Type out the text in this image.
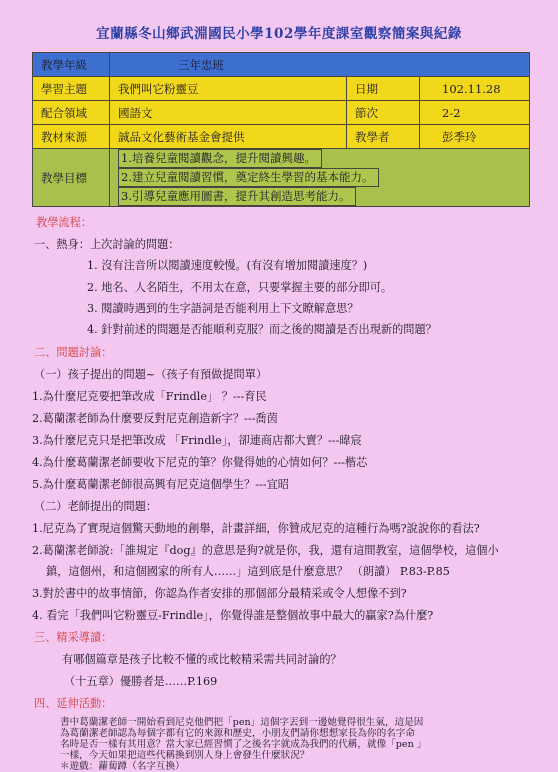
宜蘭縣冬山鄉武淵國民小學102學年度課室觀察簡案與紀錄
教學年級	三年忠班		
學習主題	我們叫它粉靈豆	日期	102.11.28
配合領域	國語文	節次	2-2
教材來源	誠品文化藝術基金會提供	教學者	彭季玲
教學目標	1.培養兒童閱讀觀念，提升閱讀興趣。
2.建立兒童閱讀習慣，奠定終生學習的基本能力。
3.引導兒童應用圖書，提升其創造思考能力。		
教學流程：
一、熱身：上次討論的問題：
1. 沒有注音所以閱讀速度較慢。(有沒有增加閱讀速度？)
2. 地名、人名陌生，不用太在意，只要掌握主要的部分即可。
3. 閱讀時遇到的生字語詞是否能利用上下文瞭解意思？
4. 針對前述的問題是否能順利克服？而之後的閱讀是否出現新的問題？
二、問題討論：
（一）孩子提出的問題~（孩子有預做提問單）
1.為什麼尼克要把筆改成「Frindle」 ？---育民
2.葛蘭潔老師為什麼要反對尼克創造新字？---喬茵
3.為什麼尼克只是把筆改成 「Frindle」，卻連商店都大賣？---暐宸
4.為什麼葛蘭潔老師要收下尼克的筆？你覺得她的心情如何？---楷芯
5.為什麼葛蘭潔老師很高興有尼克這個學生？---宜昭
（二）老師提出的問題：
1.尼克為了實現這個驚天動地的創舉，計畫詳細，你贊成尼克的這種行為嗎?說說你的看法?
2.葛蘭潔老師說:「誰規定『dog』的意思是狗?就是你，我，還有這間教室，這個學校，這個小
鎮，這個州，和這個國家的所有人……」這到底是什麼意思？ （朗讀） P.83-P.85
3.對於書中的故事情節，你認為作者安排的那個部分最精采或令人想像不到?
4. 看完「我們叫它粉靈豆-Frindle」，你覺得誰是整個故事中最大的贏家?為什麼?
三、精采導讀：
有哪個篇章是孩子比較不懂的或比較精采需共同討論的？
（十五章）優勝者是……P.169
四、延伸活動：
書中葛蘭潔老師一開始看到尼克他們把「pen」這個字丟到一邊她覺得很生氣，這是因
為葛蘭潔老師認為每個字都有它的來源和歷史，小朋友們請你想想家長為你的名字命
名時是否一樣有其用意？當大家已經習慣了之後名字就成為我們的代稱，就像「pen 」
一樣，今天如果把這些代稱換到別人身上會發生什麼狀況？
＊遊戲：蘿蔔蹲（名字互換）
